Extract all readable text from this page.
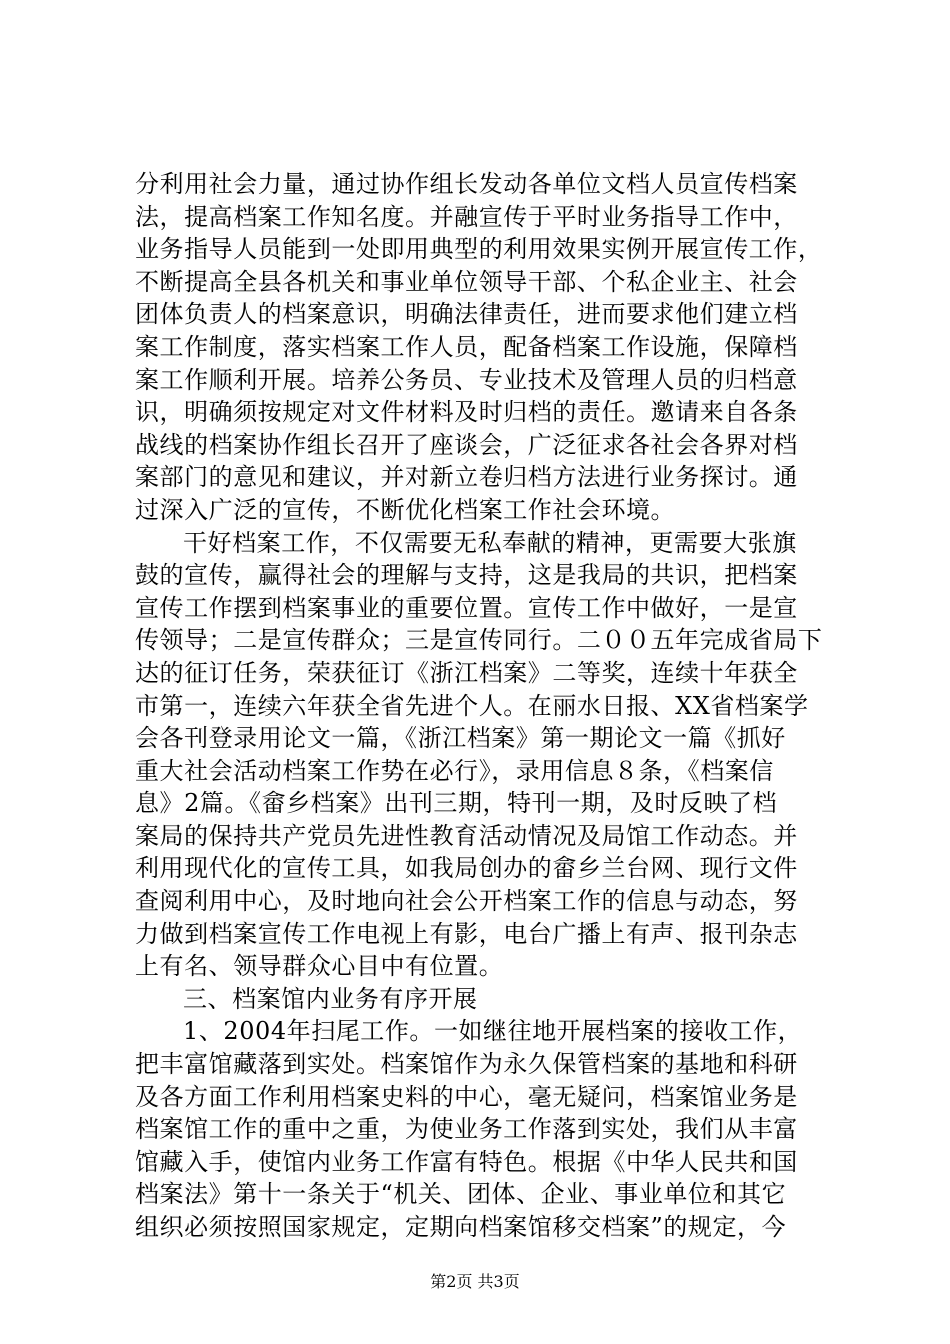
分利用社会力量，通过协作组长发动各单位文档人员宣传档案
法，提高档案工作知名度。并融宣传于平时业务指导工作中，
业务指导人员能到一处即用典型的利用效果实例开展宣传工作，
不断提高全县各机关和事业单位领导干部、个私企业主、社会
团体负责人的档案意识，明确法律责任，进而要求他们建立档
案工作制度，落实档案工作人员，配备档案工作设施，保障档
案工作顺利开展。培养公务员、专业技术及管理人员的归档意
识，明确须按规定对文件材料及时归档的责任。邀请来自各条
战线的档案协作组长召开了座谈会，广泛征求各社会各界对档
案部门的意见和建议，并对新立卷归档方法进行业务探讨。通
过深入广泛的宣传，不断优化档案工作社会环境。
干好档案工作，不仅需要无私奉献的精神，更需要大张旗
鼓的宣传，赢得社会的理解与支持，这是我局的共识，把档案
宣传工作摆到档案事业的重要位置。宣传工作中做好，一是宣
传领导；二是宣传群众；三是宣传同行。二００五年完成省局下
达的征订任务，荣获征订《浙江档案》二等奖，连续十年获全
市第一，连续六年获全省先进个人。在丽水日报、XX省档案学
会各刊登录用论文一篇，《浙江档案》第一期论文一篇《抓好
重大社会活动档案工作势在必行》，录用信息８条，《档案信
息》2篇。《畲乡档案》出刊三期，特刊一期，及时反映了档
案局的保持共产党员先进性教育活动情况及局馆工作动态。并
利用现代化的宣传工具，如我局创办的畲乡兰台网、现行文件
查阅利用中心，及时地向社会公开档案工作的信息与动态，努
力做到档案宣传工作电视上有影，电台广播上有声、报刊杂志
上有名、领导群众心目中有位置。
三、档案馆内业务有序开展
1、2004年扫尾工作。一如继往地开展档案的接收工作，
把丰富馆藏落到实处。档案馆作为永久保管档案的基地和科研
及各方面工作利用档案史料的中心，毫无疑问，档案馆业务是
档案馆工作的重中之重，为使业务工作落到实处，我们从丰富
馆藏入手，使馆内业务工作富有特色。根据《中华人民共和国
档案法》第十一条关于“机关、团体、企业、事业单位和其它
组织必须按照国家规定，定期向档案馆移交档案”的规定，今
第2页 共3页
